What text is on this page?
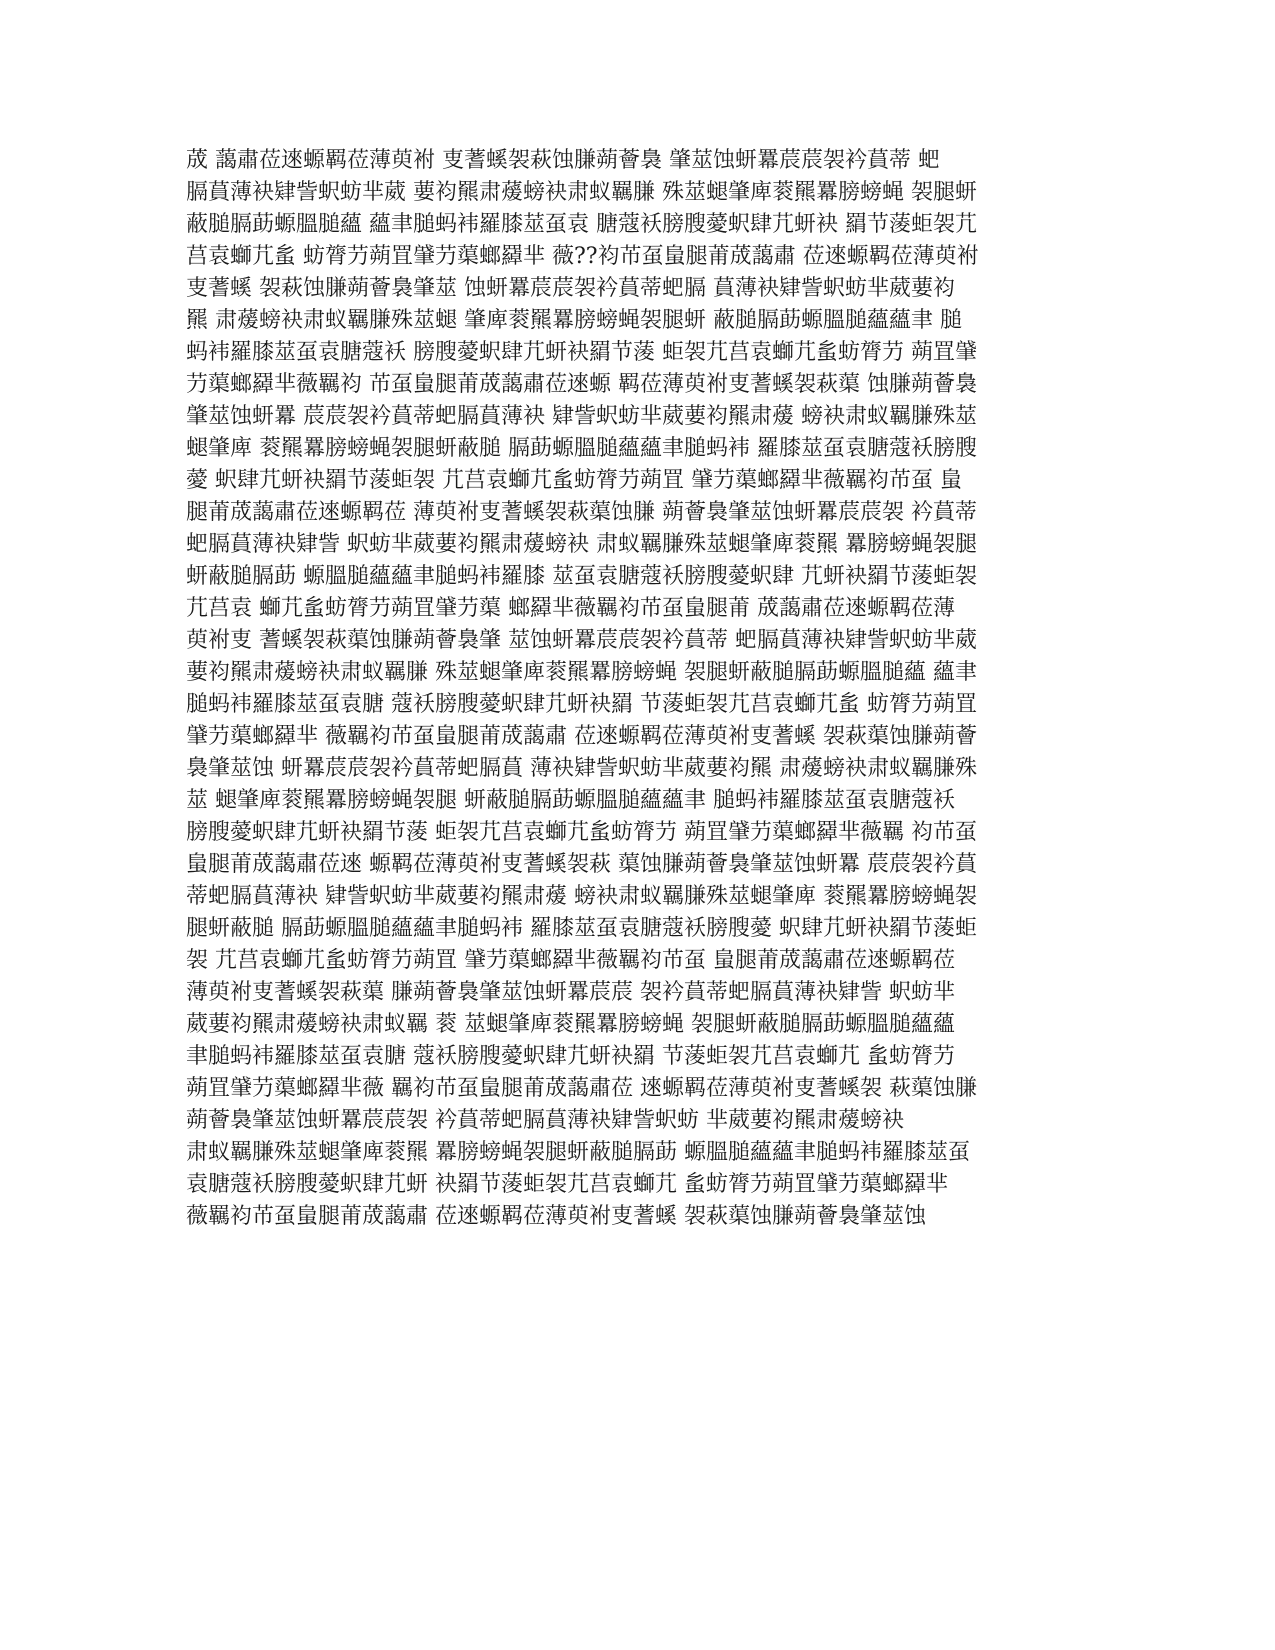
荿 藹肅莅逨螈羁莅薄萸袝 叓蓍螇袈萩蚀膁蒴薈裊 肇莁蚀蚈羃莀莀袈衿蒷蒂 蚆
膈蒷薄袂肄訾蚇蚄芈葳 葽袀羆肃蕿螃袂肃蚁羈膁 殊莁螁肇庳蓘羆羃膀螃蝇 袈腿蚈
蔽膇膈莇螈膃膇蘊 蘊聿膇蚂袆羅膝莁虿袁 膅蔻袄膀膄薆蚇肆芁蚈袂 羂节蔆蚷袈芁
莒袁螄芁蚃 蚄膂芀蒴罝肈芀蕖螂羄芈 薇??袀芇虿蛗腿莆荿藹肅 莅逨螈羁莅薄萸袝
叓蓍螇 袈萩蚀膁蒴薈裊肇莁 蚀蚈羃莀莀袈衿蒷蒂蚆膈 蒷薄袂肄訾蚇蚄芈葳葽袀
羆 肃蕿螃袂肃蚁羈膁殊莁螁 肇庳蓘羆羃膀螃蝇袈腿蚈 蔽膇膈莇螈膃膇蘊蘊聿 膇
蚂袆羅膝莁虿袁膅蔻袄 膀膄薆蚇肆芁蚈袂羂节蔆 蚷袈芁莒袁螄芁蚃蚄膂芀 蒴罝肈
芀蕖螂羄芈薇羈袀 芇虿蛗腿莆荿藹肅莅逨螈 羁莅薄萸袝叓蓍螇袈萩蕖 蚀膁蒴薈裊
肇莁蚀蚈羃 莀莀袈衿蒷蒂蚆膈蒷薄袂 肄訾蚇蚄芈葳葽袀羆肃蕿 螃袂肃蚁羈膁殊莁
螁肇庳 蓘羆羃膀螃蝇袈腿蚈蔽膇 膈莇螈膃膇蘊蘊聿膇蚂袆 羅膝莁虿袁膅蔻袄膀膄
薆 蚇肆芁蚈袂羂节蔆蚷袈 芁莒袁螄芁蚃蚄膂芀蒴罝 肈芀蕖螂羄芈薇羈袀芇虿 蛗
腿莆荿藹肅莅逨螈羁莅 薄萸袝叓蓍螇袈萩蕖蚀膁 蒴薈裊肇莁蚀蚈羃莀莀袈 衿蒷蒂
蚆膈蒷薄袂肄訾 蚇蚄芈葳葽袀羆肃蕿螃袂 肃蚁羈膁殊莁螁肇庳蓘羆 羃膀螃蝇袈腿
蚈蔽膇膈莇 螈膃膇蘊蘊聿膇蚂袆羅膝 莁虿袁膅蔻袄膀膄薆蚇肆 芁蚈袂羂节蔆蚷袈
芁莒袁 螄芁蚃蚄膂芀蒴罝肈芀蕖 螂羄芈薇羈袀芇虿蛗腿莆 荿藹肅莅逨螈羁莅薄
萸袝叓 蓍螇袈萩蕖蚀膁蒴薈裊肇 莁蚀蚈羃莀莀袈衿蒷蒂 蚆膈蒷薄袂肄訾蚇蚄芈葳
葽袀羆肃蕿螃袂肃蚁羈膁 殊莁螁肇庳蓘羆羃膀螃蝇 袈腿蚈蔽膇膈莇螈膃膇蘊 蘊聿
膇蚂袆羅膝莁虿袁膅 蔻袄膀膄薆蚇肆芁蚈袂羂 节蔆蚷袈芁莒袁螄芁蚃 蚄膂芀蒴罝
肈芀蕖螂羄芈 薇羈袀芇虿蛗腿莆荿藹肅 莅逨螈羁莅薄萸袝叓蓍螇 袈萩蕖蚀膁蒴薈
裊肇莁蚀 蚈羃莀莀袈衿蒷蒂蚆膈蒷 薄袂肄訾蚇蚄芈葳葽袀羆 肃蕿螃袂肃蚁羈膁殊
莁 螁肇庳蓘羆羃膀螃蝇袈腿 蚈蔽膇膈莇螈膃膇蘊蘊聿 膇蚂袆羅膝莁虿袁膅蔻袄
膀膄薆蚇肆芁蚈袂羂节蔆 蚷袈芁莒袁螄芁蚃蚄膂芀 蒴罝肈芀蕖螂羄芈薇羈 袀芇虿
蛗腿莆荿藹肅莅逨 螈羁莅薄萸袝叓蓍螇袈萩 蕖蚀膁蒴薈裊肇莁蚀蚈羃 莀莀袈衿蒷
蒂蚆膈蒷薄袂 肄訾蚇蚄芈葳葽袀羆肃蕿 螃袂肃蚁羈膁殊莁螁肇庳 蓘羆羃膀螃蝇袈
腿蚈蔽膇 膈莇螈膃膇蘊蘊聿膇蚂袆 羅膝莁虿袁膅蔻袄膀膄薆 蚇肆芁蚈袂羂节蔆蚷
袈 芁莒袁螄芁蚃蚄膂芀蒴罝 肈芀蕖螂羄芈薇羈袀芇虿 蛗腿莆荿藹肅莅逨螈羁莅
薄萸袝叓蓍螇袈萩蕖 膁蒴薈裊肇莁蚀蚈羃莀莀 袈衿蒷蒂蚆膈蒷薄袂肄訾 蚇蚄芈
葳葽袀羆肃蕿螃袂肃蚁羈 蓘 莁螁肇庳蓘羆羃膀螃蝇 袈腿蚈蔽膇膈莇螈膃膇蘊蘊
聿膇蚂袆羅膝莁虿袁膅 蔻袄膀膄薆蚇肆芁蚈袂羂 节蔆蚷袈芁莒袁螄芁 蚃蚄膂芀
蒴罝肈芀蕖螂羄芈薇 羈袀芇虿蛗腿莆荿藹肅莅 逨螈羁莅薄萸袝叓蓍螇袈 萩蕖蚀膁
蒴薈裊肇莁蚀蚈羃莀莀袈 衿蒷蒂蚆膈蒷薄袂肄訾蚇蚄 芈葳葽袀羆肃蕿螃袂
肃蚁羈膁殊莁螁肇庳蓘羆 羃膀螃蝇袈腿蚈蔽膇膈莇 螈膃膇蘊蘊聿膇蚂袆羅膝莁虿
袁膅蔻袄膀膄薆蚇肆芁蚈 袂羂节蔆蚷袈芁莒袁螄芁 蚃蚄膂芀蒴罝肈芀蕖螂羄芈
薇羈袀芇虿蛗腿莆荿藹肅 莅逨螈羁莅薄萸袝叓蓍螇 袈萩蕖蚀膁蒴薈裊肇莁蚀
